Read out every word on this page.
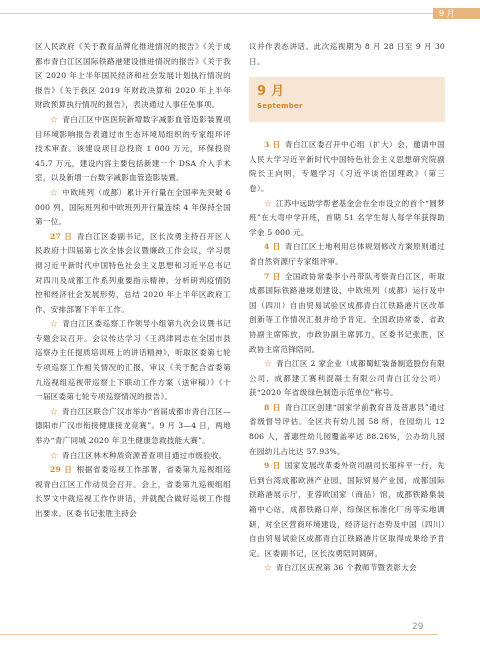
9 月

区人民政府《关于教育品牌化推进情况的报告》《关于成都市青白江区国际铁路港建设推进情况的报告》《关于我区 2020 年上半年国民经济和社会发展计划执行情况的报告》《关于我区 2019 年财政决算和 2020 年上半年财政预算执行情况的报告》，表决通过人事任免事项。

☆  青白江区中医医院新增数字减影血管造影装置项目环境影响报告表通过市生态环境局组织的专家组环评技术审查。该建设项目总投资 1 000 万元，环保投资 45.7 万元，建设内容主要包括新建一个 DSA 介入手术室，以及新增一台数字减影血管造影装置。

☆  中欧班列（成都）累计开行量在全国率先突破 6 000 列，国际班列和中欧班列开行量连续 4 年保持全国第一位。

27 日  青白江区委副书记，区长汝勇主持召开区人民政府十四届第七次全体会议暨廉政工作会议，学习贯彻习近平新时代中国特色社会主义思想和习近平总书记对四川及成都工作系列重要指示精神，分析研判疫情防控和经济社会发展形势，总结 2020 年上半年区政府工作，安排部署下半年工作。

☆  青白江区委巡察工作领导小组第九次会议暨书记专题会议召开。会议传达学习《王鸿津同志在全国市县巡察办主任提质培训班上的讲话精神》，听取区委第七轮专项巡察工作相关情况的汇报，审议《关于配合省委第九巡视组巡视带巡察上下联动工作方案（送审稿）》《十一届区委第七轮专项巡察情况的报告》。

☆  青白江区联合广汉市举办“首届成都市青白江区—德阳市广汉市衔接健康接龙竞赛”。9 月 3—4 日，两地举办“青广同城 2020 年卫生健康急救技能大赛”。

☆  青白江区林木种质资源普查项目通过市级验收。

29 日  根据省委巡视工作部署，省委第九巡视组巡视青白江区工作动员会召开。会上，省委第九巡视组组长罗文中就巡视工作作讲话，并就配合做好巡视工作提出要求。区委书记张胜主持会

议并作表态讲话。此次巡视期为 8 月 28 日至 9 月 30 日。

9 月
September

3 日  青白江区委召开中心组（扩大）会，邀请中国人民大学习近平新时代中国特色社会主义思想研究院副院长王向明，专题学习《习近平谈治国理政》（第三卷）。

☆  江苏中远助学帮老基金会在全市设立的首个“圆梦班”在大弯中学开班，首期 51 名学生每人每学年获得助学金 5 000 元。

4 日  青白江区土地利用总体规划修改方案原则通过省自然资源厅专家组评审。

7 日  全国政协常委李小丹带队考察青白江区，听取成都国际铁路港规划建设、中欧班列（成都）运行及中国（四川）自由贸易试验区成都青白江铁路港片区改革创新等工作情况汇报并给予肯定。全国政协常委、省政协副主席陈放，市政协副主席郭力，区委书记张胜，区政协主席范锋陪同。

☆  青白江区 2 家企业（成都蜀虹装备制造股份有限公司、成都建工赛利混凝土有限公司青白江分公司）获“2020 年省级绿色制造示范单位”称号。

8 日  青白江区创建“国家学前教育普及普惠县”通过省级督导评估。全区共有幼儿园 58 所，在园幼儿 12 806 人，普惠性幼儿园覆盖率达 88.26%，公办幼儿园在园幼儿占比达 57.93%。

9 日  国家发展改革委外资司副司长邬梓平一行，先后到台湾成都欧洲产业园，国际贸易产业园，成都国际铁路港展示厅，亚蓉欧国家（商品）馆，成都铁路集装箱中心站，成都铁路口岸，综保区标准化厂房等实地调研，对全区营商环境建设，经济运行态势及中国（四川）自由贸易试验区成都青白江铁路港片区取得成果给予肯定。区委副书记，区长汝勇陪同调研。

☆  青白江区庆祝第 36 个教师节暨表彰大会

29
